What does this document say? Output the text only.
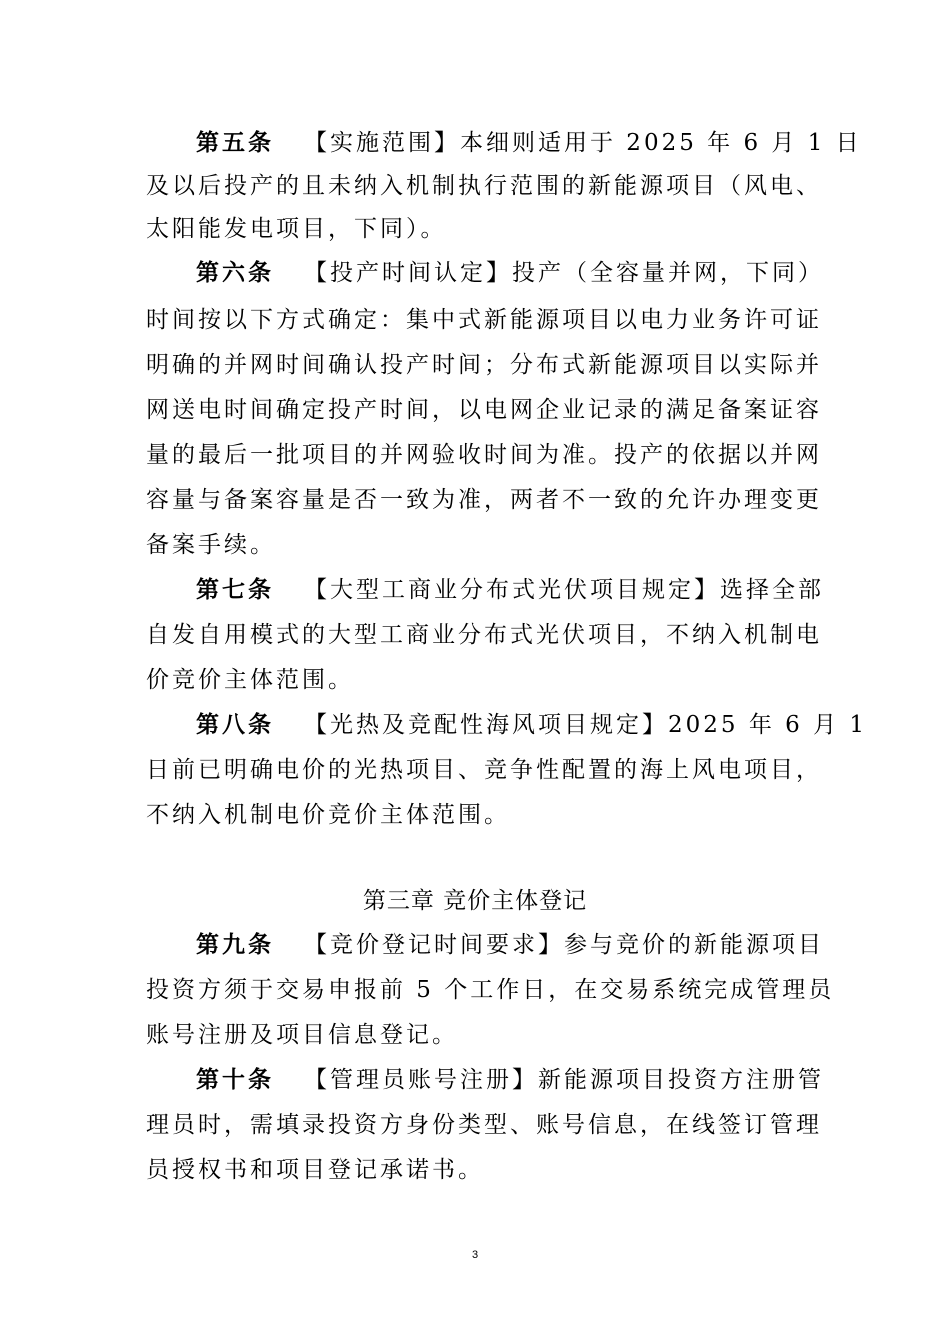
第五条 【实施范围】本细则适用于 2025 年 6 月 1 日
及以后投产的且未纳入机制执行范围的新能源项目（风电、
太阳能发电项目，下同）。
第六条 【投产时间认定】投产（全容量并网，下同）
时间按以下方式确定：集中式新能源项目以电力业务许可证
明确的并网时间确认投产时间；分布式新能源项目以实际并
网送电时间确定投产时间，以电网企业记录的满足备案证容
量的最后一批项目的并网验收时间为准。投产的依据以并网
容量与备案容量是否一致为准，两者不一致的允许办理变更
备案手续。
第七条 【大型工商业分布式光伏项目规定】选择全部
自发自用模式的大型工商业分布式光伏项目，不纳入机制电
价竞价主体范围。
第八条 【光热及竞配性海风项目规定】2025 年 6 月 1
日前已明确电价的光热项目、竞争性配置的海上风电项目，
不纳入机制电价竞价主体范围。
第三章 竞价主体登记
第九条 【竞价登记时间要求】参与竞价的新能源项目
投资方须于交易申报前 5 个工作日，在交易系统完成管理员
账号注册及项目信息登记。
第十条 【管理员账号注册】新能源项目投资方注册管
理员时，需填录投资方身份类型、账号信息，在线签订管理
员授权书和项目登记承诺书。
3
